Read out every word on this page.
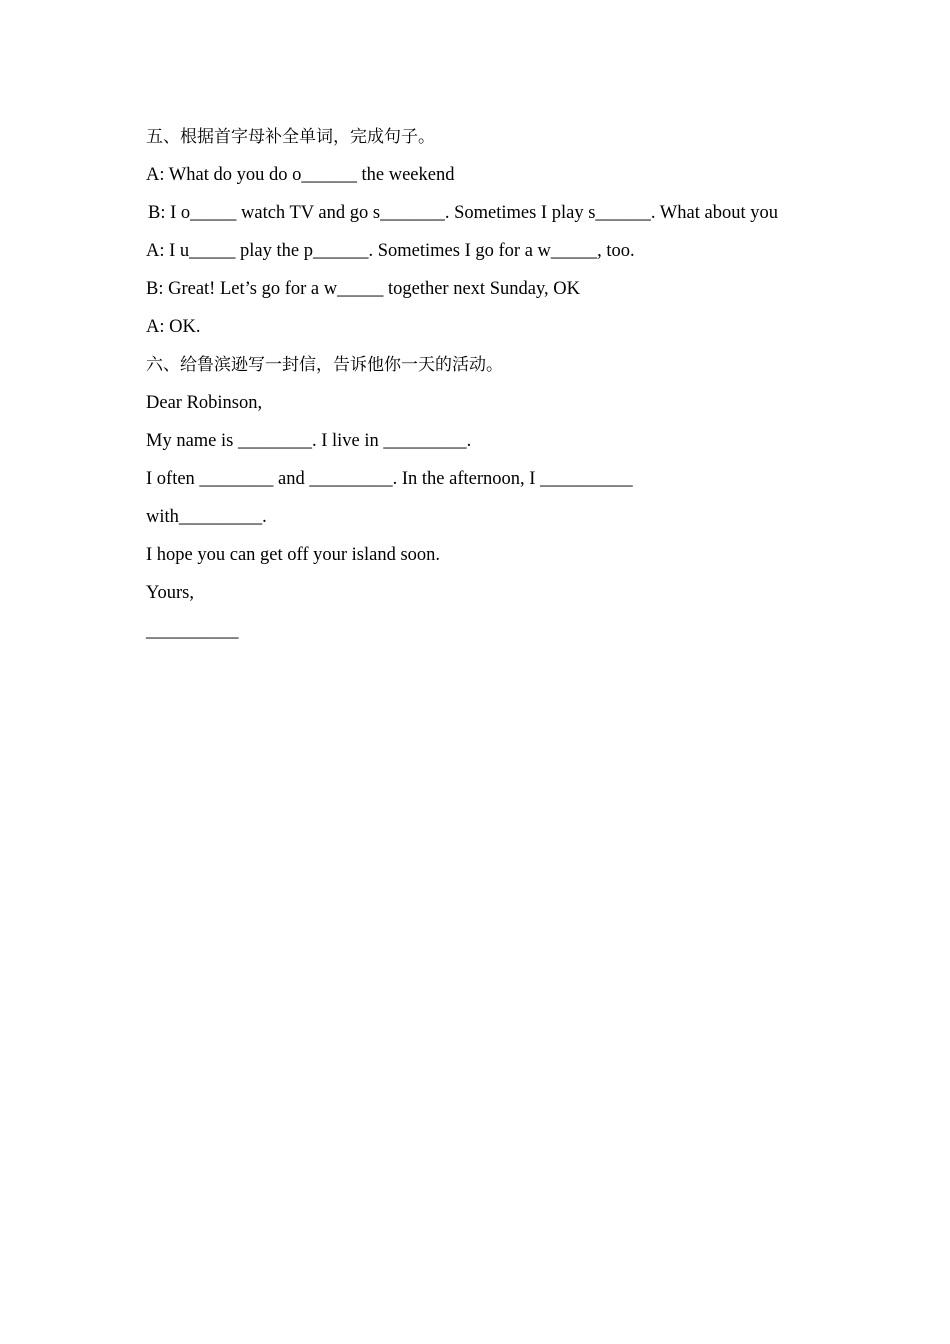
五、根据首字母补全单词，完成句子。
A: What do you do o______ the weekend
B: I o_____ watch TV and go s_______. Sometimes I play s______. What about you
A: I u_____ play the p______. Sometimes I go for a w_____, too.
B: Great! Let’s go for a w_____ together next Sunday, OK
A: OK.
六、给鲁滨逊写一封信，告诉他你一天的活动。
Dear Robinson,
My name is ________. I live in _________.
I often ________ and _________. In the afternoon, I __________
with_________.
I hope you can get off your island soon.
Yours,
__________
